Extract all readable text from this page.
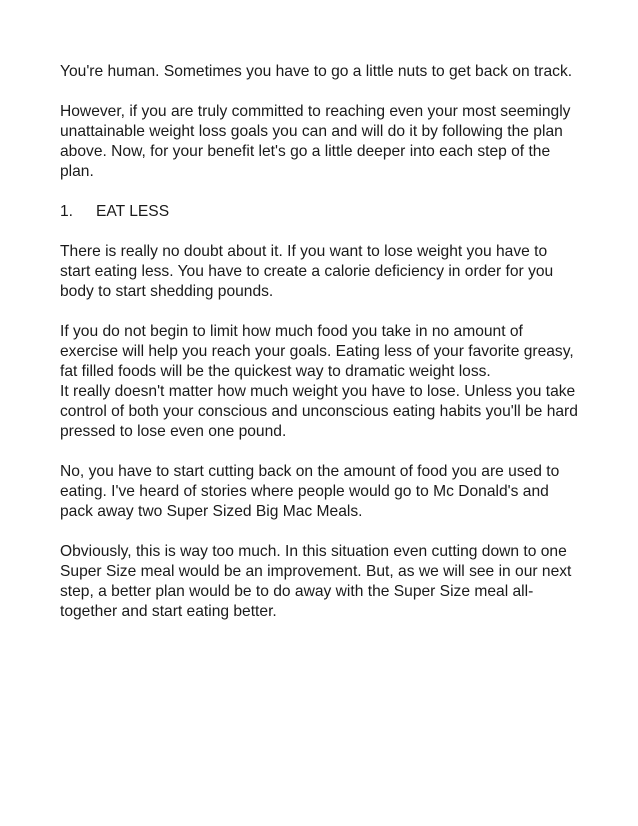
You're human. Sometimes you have to go a little nuts to get back on track.

However, if you are truly committed to reaching even your most seemingly
unattainable weight loss goals you can and will do it by following the plan
above. Now, for your benefit let's go a little deeper into each step of the
plan.

1.	EAT LESS

There is really no doubt about it. If you want to lose weight you have to
start eating less. You have to create a calorie deficiency in order for you
body to start shedding pounds.

If you do not begin to limit how much food you take in no amount of
exercise will help you reach your goals. Eating less of your favorite greasy,
fat filled foods will be the quickest way to dramatic weight loss.
It really doesn't matter how much weight you have to lose. Unless you take
control of both your conscious and unconscious eating habits you'll be hard
pressed to lose even one pound.

No, you have to start cutting back on the amount of food you are used to
eating. I've heard of stories where people would go to Mc Donald's and
pack away two Super Sized Big Mac Meals.

Obviously, this is way too much. In this situation even cutting down to one
Super Size meal would be an improvement. But, as we will see in our next
step, a better plan would be to do away with the Super Size meal all-
together and start eating better.
